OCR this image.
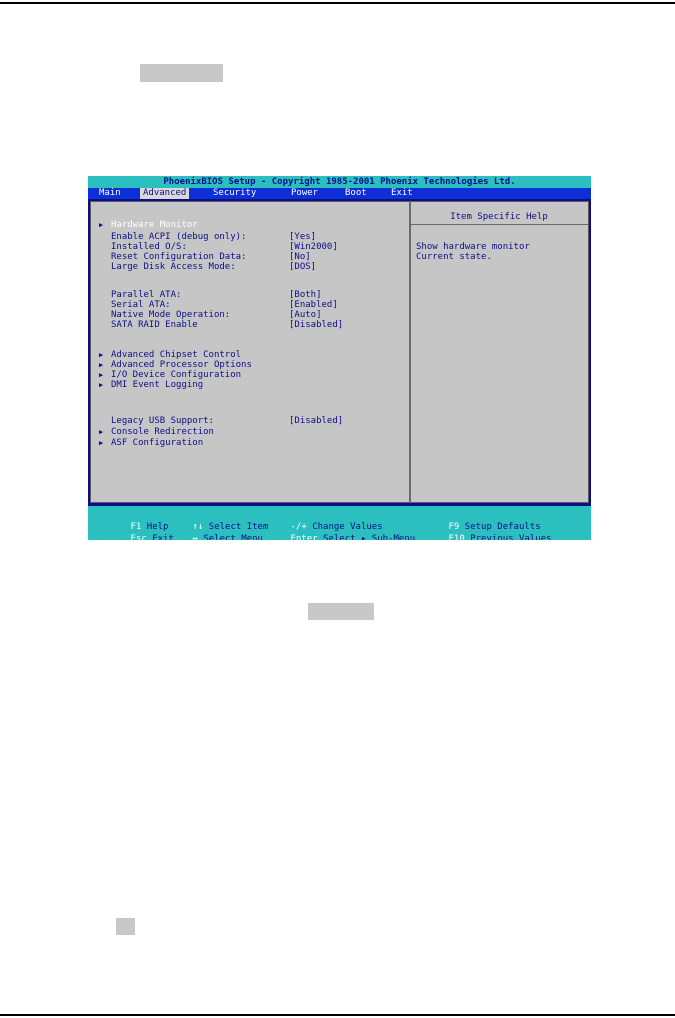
PhoenixBIOS Setup - Copyright 1985-2001 Phoenix Technologies Ltd.
Main	Advanced	Security	Power	Boot	Exit
Item Specific Help
Show hardware monitor
Current state.

▶

Hardware Monitor

Enable ACPI (debug only):

	[Yes]

Installed O/S:

	[Win2000]

Reset Configuration Data:

	[No]

Large Disk Access Mode:

	[DOS]

Parallel ATA:

	[Both]

Serial ATA:

	[Enabled]

Native Mode Operation:

	[Auto]

SATA RAID Enable

	[Disabled]

▶

Advanced Chipset Control

▶

Advanced Processor Options

▶

I/O Device Configuration

▶

DMI Event Logging

Legacy USB Support:

	[Disabled]

▶

Console Redirection

▶

ASF Configuration

F1 Help
	↑↓ Select Item
	-/+ Change Values
	F9 Setup Defaults

Esc Exit
	↔ Select Menu
	Enter Select ▸ Sub-Menu
	F10 Previous Values
